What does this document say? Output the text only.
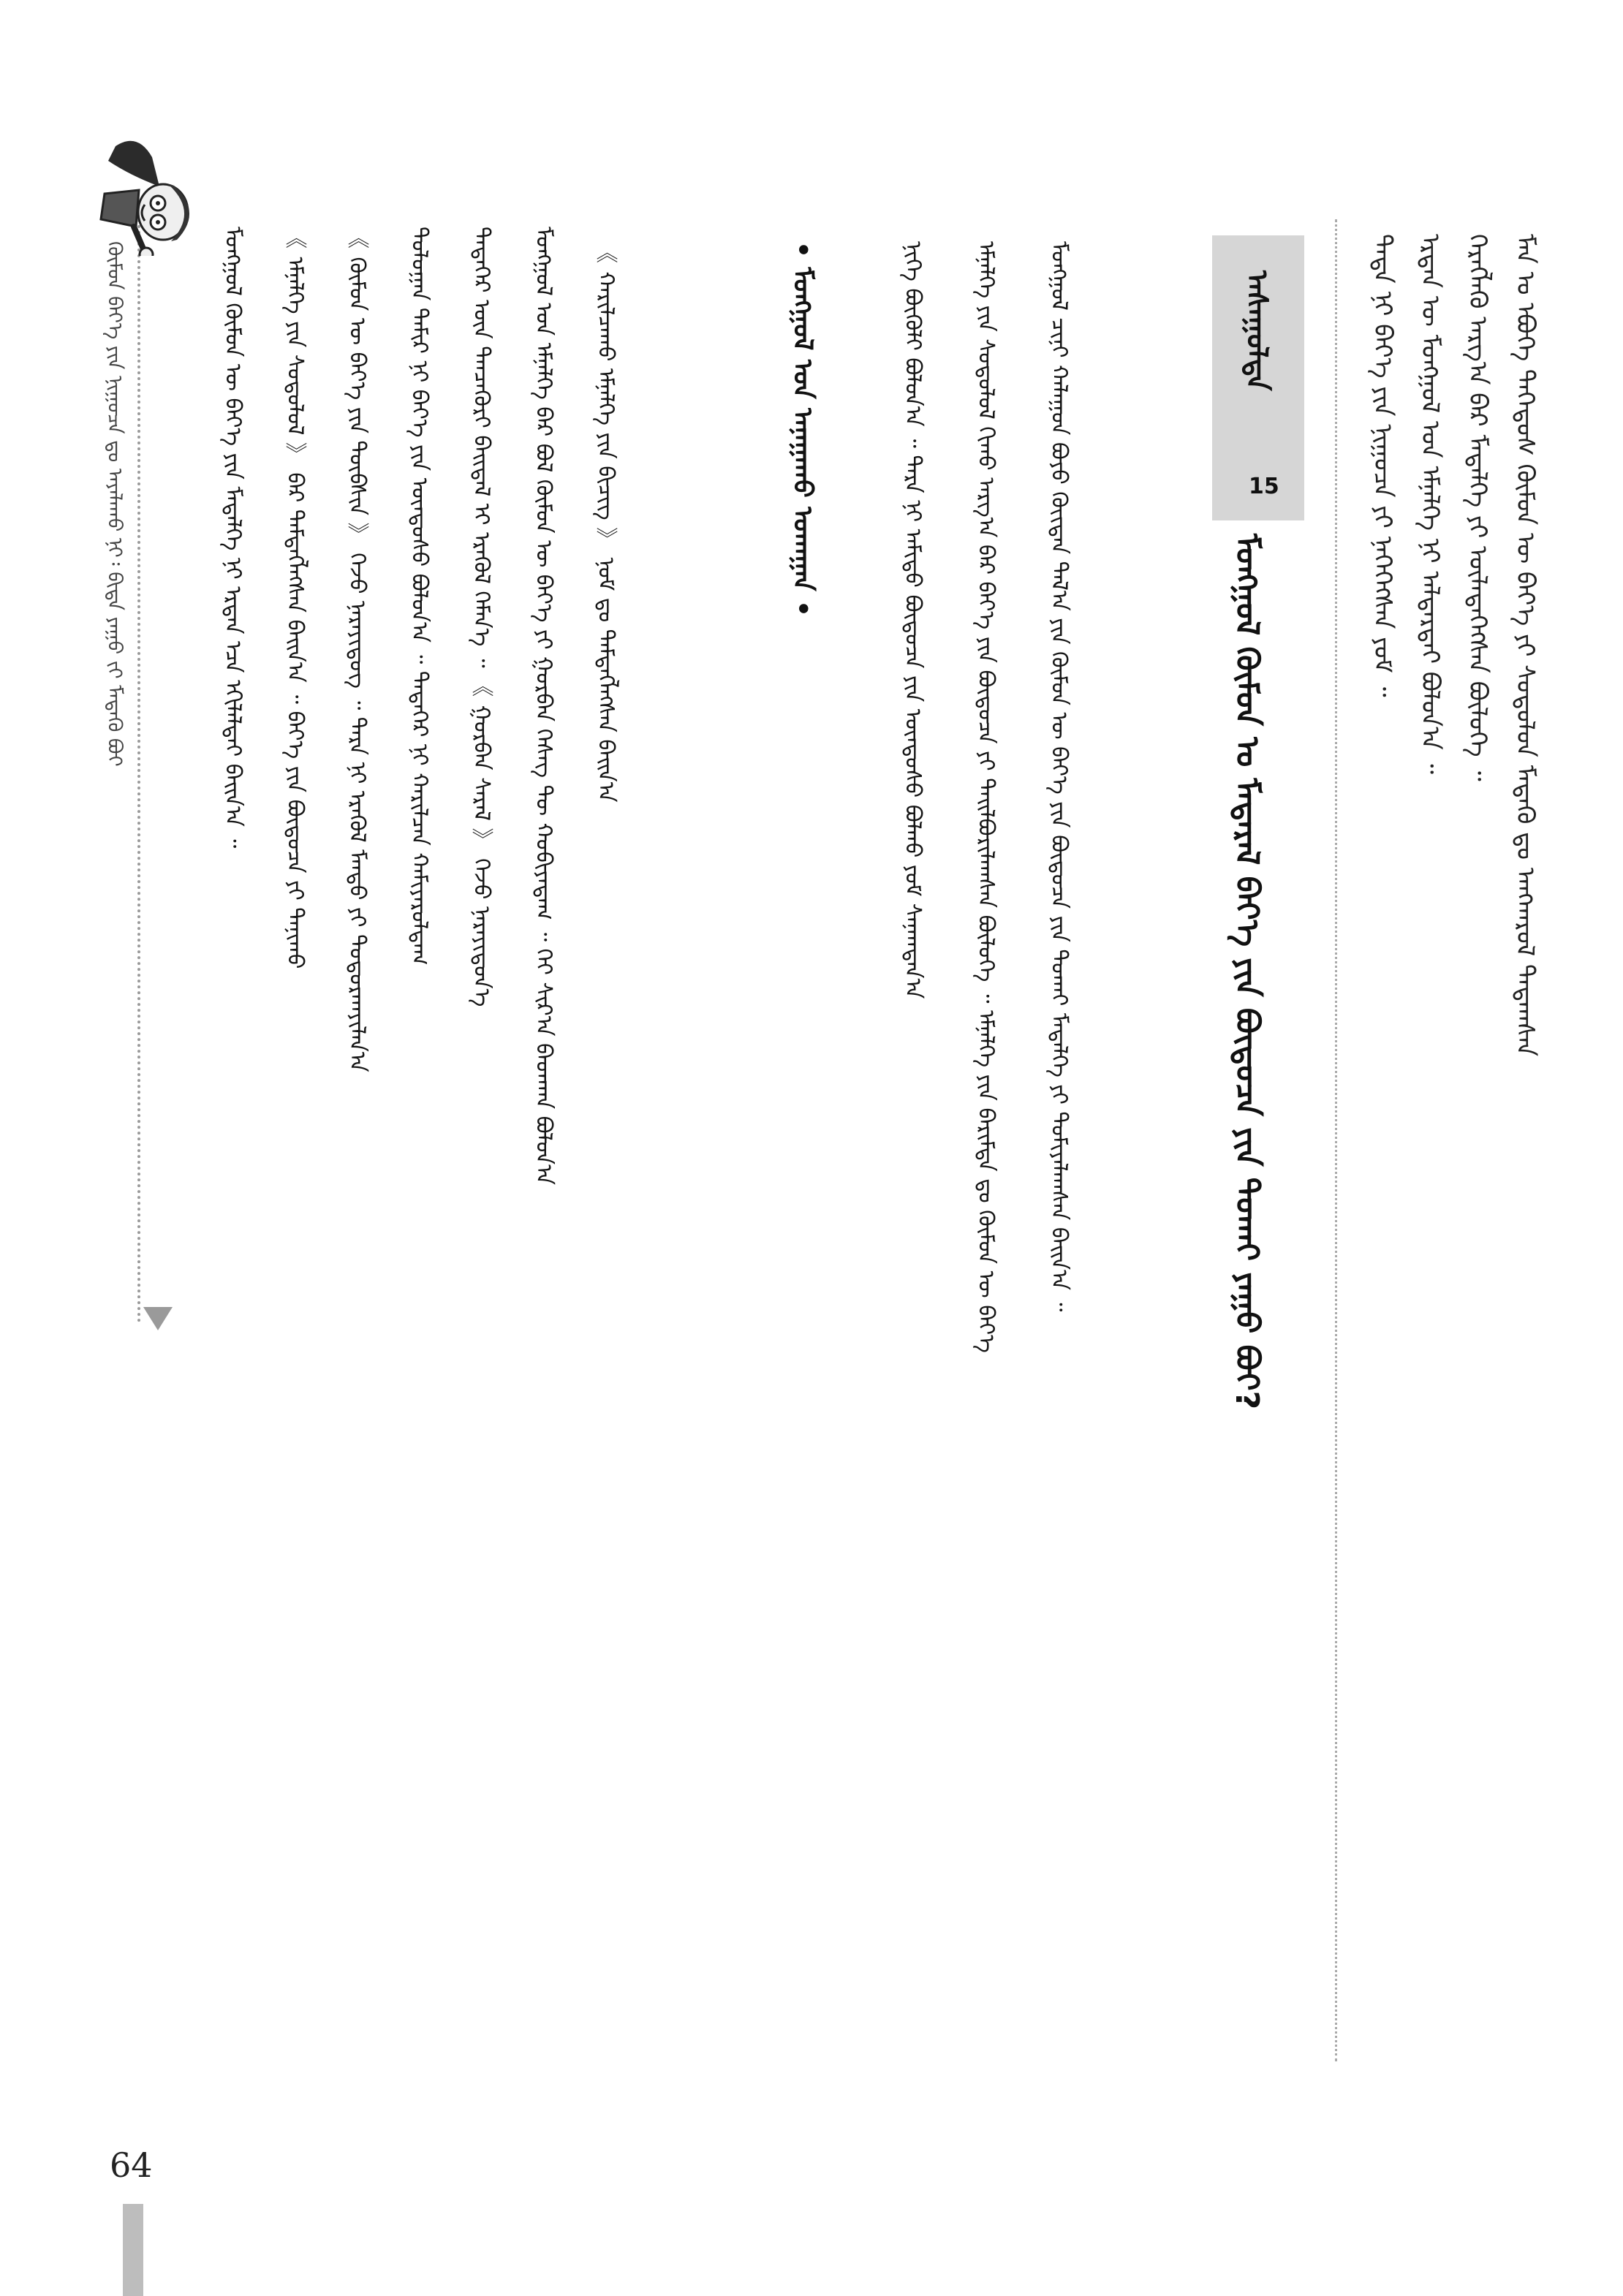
64
ᠬᠦᠮᠦᠨ ᠪᠡᠶ᠎ᠡ ᠶᠢᠨ ᠨᠢᠭᠤᠴᠠ ᠳᠤ ᠠᠶᠠᠯᠠᠬᠤ ᠨᠢ᠄ ᠪᠢᠳᠡ ᠶᠠᠭᠤ ᠵᠢ ᠮᠡᠳᠡᠬᠦ ᠪᠤᠢ	ᠮᠤᠩᠭᠤᠯ ᠬᠦᠮᠦᠨ ᠦ ᠪᠡᠶ᠎ᠡ ᠶᠢᠨ ᠮᠡᠳᠡᠯᠭᠡ ᠨᠢ ᠡᠷᠲᠡᠨ ᠡᠴᠡ ᠡᠬᠢᠯᠡᠯᠲᠡᠢ ᠪᠠᠢᠨ᠎ᠠ ᠃	《 ᠡᠮᠨᠡᠯᠭᠡ ᠶᠢᠨ ᠰᠤᠳᠤᠯᠤᠯ 》 ᠪᠡᠷ ᠲᠡᠮᠳᠡᠭᠯᠡᠭᠰᠡᠨ ᠪᠠᠢᠨ᠎ᠠ ᠃ ᠪᠡᠶ᠎ᠡ ᠶᠢᠨ ᠪᠦᠲᠦᠴᠡ ᠶᠢ ᠲᠠᠨᠢᠬᠤ	《 ᠬᠦᠮᠦᠨ ᠦ ᠪᠡᠶ᠎ᠡ ᠶᠢᠨ ᠲᠦᠪᠰᠢᠨ 》 ᠭᠡᠵᠦ ᠨᠡᠷᠡᠶᠢᠳᠦᠭ ᠃ ᠲᠡᠷᠡ ᠨᠢ ᠡᠷᠡᠭᠦᠯ ᠮᠡᠨᠳᠦ ᠶᠢ ᠲᠣᠳᠤᠷᠬᠠᠶᠢᠯᠠᠨ᠎ᠠ	ᠳᠤᠯᠤᠭᠠᠨ ᠲᠠᠮᠢᠷ ᠨᠢ ᠪᠡᠶ᠎ᠡ ᠶᠢᠨ ᠦᠨᠳᠦᠰᠦ ᠪᠣᠯᠤᠨ᠎ᠠ ᠃ ᠲᠡᠳᠡᠭᠡᠷ ᠨᠢ ᠬᠠᠷᠢᠯᠴᠠᠨ ᠬᠠᠮᠢᠶᠠᠷᠤᠯᠳᠠᠭ	ᠲᠡᠳᠡᠭᠡᠷ ᠦᠨ ᠲᠡᠨᠴᠡᠭᠦᠷᠢ ᠪᠠᠢᠳᠠᠯ ᠢ ᠡᠷᠡᠭᠦᠯ ᠬᠡᠮᠡᠨ᠎ᠡ ᠃ 《 ᠭᠤᠷᠪᠠᠨ ᠰᠡᠷᠡᠯ 》 ᠭᠡᠵᠦ ᠨᠡᠷᠡᠶᠢᠳᠦᠨ᠎ᠡ	ᠮᠤᠩᠭᠤᠯ ᠤᠨ ᠡᠮᠨᠡᠯᠭᠡ ᠪᠡᠷ ᠪᠤᠯ ᠬᠦᠮᠦᠨ ᠦ ᠪᠡᠶ᠎ᠡ ᠶᠢ ᠭᠤᠷᠪᠠᠨ ᠬᠡᠰᠡᠭ ᠲᠦ ᠬᠤᠪᠢᠶᠠᠳᠠᠭ ᠃ ᠬᠡᠢ ᠰᠢᠷ᠎ᠠ ᠪᠠᠳᠬᠠᠨ ᠪᠤᠯᠤᠨ᠎ᠠ	《 ᠬᠠᠷᠢᠯᠴᠠᠬᠤ ᠡᠮᠨᠡᠯᠭᠡ ᠶᠢᠨ ᠪᠢᠴᠢᠭ 》 ᠨᠤᠮ ᠳᠤ ᠲᠡᠮᠳᠡᠭᠯᠡᠭᠰᠡᠨ ᠪᠠᠢᠨ᠎ᠠ	• ᠮᠤᠩᠭᠤᠯ ᠤᠨ ᠠᠨᠠᠭᠠᠬᠤ ᠤᠬᠠᠭᠠᠨ •	ᠨᠢᠭᠡ ᠪᠦᠬᠦᠯᠢ ᠪᠤᠯᠤᠨ᠎ᠠ ᠃ ᠲᠡᠷᠡ ᠨᠢ ᠠᠮᠢᠳᠤ ᠪᠦᠲᠦᠴᠡ ᠶᠢᠨ ᠦᠨᠳᠦᠰᠦ ᠪᠣᠯᠬᠤ ᠶᠤᠮ ᠰᠠᠨᠠᠭᠳᠠᠨ᠎ᠠ	ᠡᠮᠨᠡᠯᠭᠡ ᠶᠢᠨ ᠰᠤᠳᠤᠯᠤᠯ ᠬᠢᠬᠤ ᠠᠷᠭ᠎ᠠ ᠪᠠᠷ ᠪᠡᠶ᠎ᠡ ᠶᠢᠨ ᠪᠦᠲᠦᠴᠡ ᠶᠢ ᠲᠠᠢᠯᠪᠤᠷᠢᠯᠠᠭᠰᠠᠨ ᠪᠦᠯᠦᠭᠡ ᠃ ᠡᠮᠨᠡᠯᠭᠡ ᠶᠢᠨ ᠪᠠᠷᠢᠮᠲᠠ ᠳᠤ ᠬᠦᠮᠦᠨ ᠦ ᠪᠡᠶ᠎ᠡ	ᠮᠤᠩᠭᠤᠯ ᠴᠢᠨᠢ ᠬᠠᠯᠠᠭᠤᠨ ᠪᠤᠶᠤ ᠬᠦᠢᠲᠡᠨ ᠲᠠᠯ᠎ᠠ ᠶᠢᠨ ᠬᠦᠮᠦᠨ ᠦ ᠪᠡᠶ᠎ᠡ ᠶᠢᠨ ᠪᠦᠲᠦᠴᠡ ᠶᠢᠨ ᠲᠤᠬᠠᠢ ᠮᠡᠳᠡᠯᠭᠡ ᠶᠢ ᠲᠣᠮᠢᠶᠠᠯᠠᠭᠰᠠᠨ ᠪᠠᠢᠨ᠎ᠠ ᠃	ᠮᠤᠩᠭᠤᠯ ᠬᠦᠮᠦᠨ ᠤ ᠮᠡᠳᠡᠷᠡᠯ ᠪᠡᠶ᠎ᠡ ᠶᠢᠨ ᠪᠦᠲᠦᠴᠡ ᠶᠢᠨ ᠲᠤᠬᠠᠢ ᠶᠠᠭᠤ ᠪᠤᠢ?
ᠠᠰᠠᠭᠤᠯᠲᠠ
15	ᠲᠡᠳᠡ ᠨᠢ ᠪᠡᠶ᠎ᠡ ᠶᠢᠨ ᠨᠢᠭᠤᠴᠠ ᠶᠢ ᠨᠡᠭᠡᠭᠡᠭᠰᠡᠨ ᠶᠤᠮ ᠃ ᠡᠷᠲᠡᠨ ᠦ ᠮᠤᠩᠭᠤᠯ ᠤᠨ ᠡᠮᠨᠡᠯᠭᠡ ᠨᠢ ᠠᠯᠳᠠᠷᠲᠠᠢ ᠪᠣᠯᠤᠨ᠎ᠠ ᠃ ᠬᠡᠷᠡᠭᠯᠡᠬᠦ ᠠᠷᠭ᠎ᠠ ᠪᠠᠷ ᠮᠡᠳᠡᠯᠭᠡ ᠶᠢ ᠦᠯᠡᠳᠡᠭᠡᠭᠰᠡᠨ ᠪᠦᠯᠦᠭᠡ ᠃ ᠮᠠᠨ ᠤ ᠡᠪᠦᠭᠡ ᠳᠡᠭᠡᠳᠦᠰ ᠬᠦᠮᠦᠨ ᠦ ᠪᠡᠶ᠎ᠡ ᠶᠢ ᠰᠤᠳᠤᠯᠤᠨ ᠮᠡᠳᠡᠬᠦ ᠳᠤ ᠠᠨᠭᠬᠠᠷᠤᠯ ᠲᠠᠲᠠᠭᠰᠠᠨ
